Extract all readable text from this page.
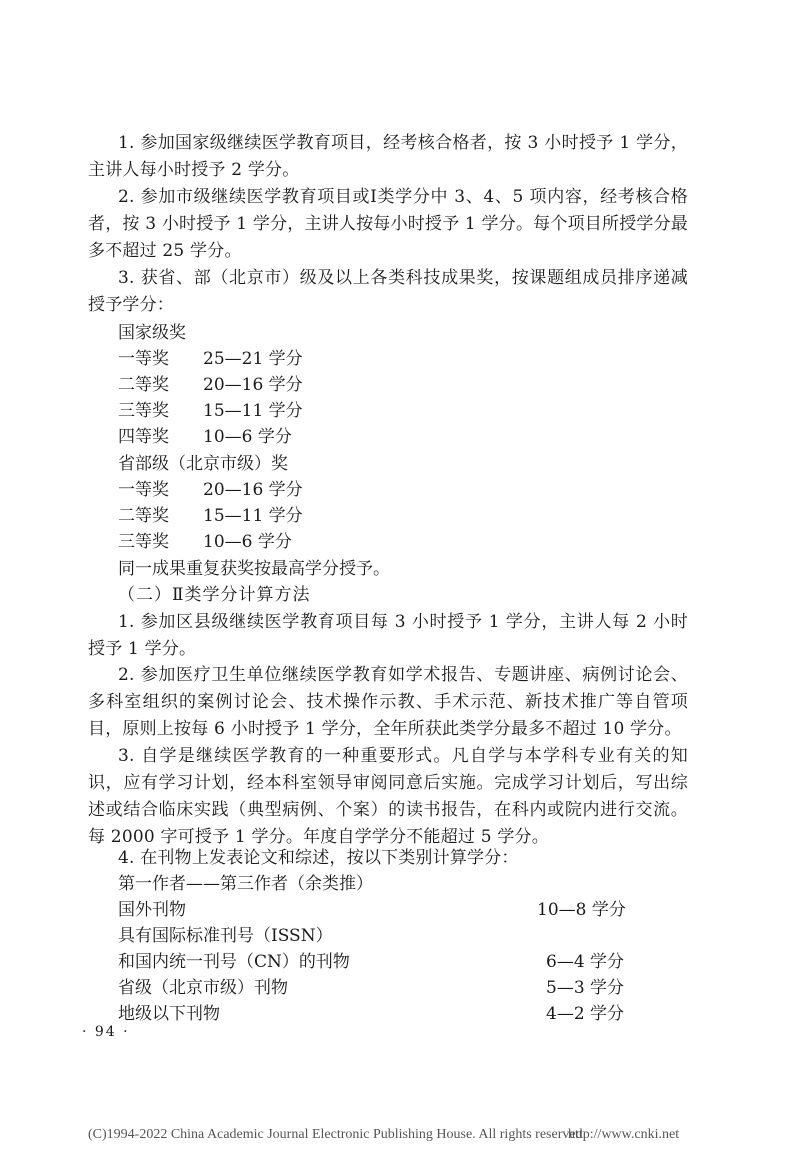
1. 参加国家级继续医学教育项目，经考核合格者，按 3 小时授予 1 学分，主讲人每小时授予 2 学分。

2. 参加市级继续医学教育项目或Ⅰ类学分中 3、4、5 项内容，经考核合格者，按 3 小时授予 1 学分，主讲人按每小时授予 1 学分。每个项目所授学分最多不超过 25 学分。

3. 获省、部（北京市）级及以上各类科技成果奖，按课题组成员排序递减授予学分：

国家级奖
一等奖 25—21 学分
二等奖 20—16 学分
三等奖 15—11 学分
四等奖 10—6 学分
省部级（北京市级）奖
一等奖 20—16 学分
二等奖 15—11 学分
三等奖 10—6 学分
同一成果重复获奖按最高学分授予。
（二）Ⅱ类学分计算方法

1. 参加区县级继续医学教育项目每 3 小时授予 1 学分，主讲人每 2 小时授予 1 学分。

2. 参加医疗卫生单位继续医学教育如学术报告、专题讲座、病例讨论会、多科室组织的案例讨论会、技术操作示教、手术示范、新技术推广等自管项目，原则上按每 6 小时授予 1 学分，全年所获此类学分最多不超过 10 学分。

3. 自学是继续医学教育的一种重要形式。凡自学与本学科专业有关的知识，应有学习计划，经本科室领导审阅同意后实施。完成学习计划后，写出综述或结合临床实践（典型病例、个案）的读书报告，在科内或院内进行交流。每 2000 字可授予 1 学分。年度自学学分不能超过 5 学分。

4. 在刊物上发表论文和综述，按以下类别计算学分：

第一作者——第三作者（余类推）
国外刊物	10—8 学分
具有国际标准刊号（ISSN）
和国内统一刊号（CN）的刊物	6—4 学分
省级（北京市级）刊物	5—3 学分
地级以下刊物	4—2 学分
· 94 ·
(C)1994-2022 China Academic Journal Electronic Publishing House. All rights reserved.
http://www.cnki.net
